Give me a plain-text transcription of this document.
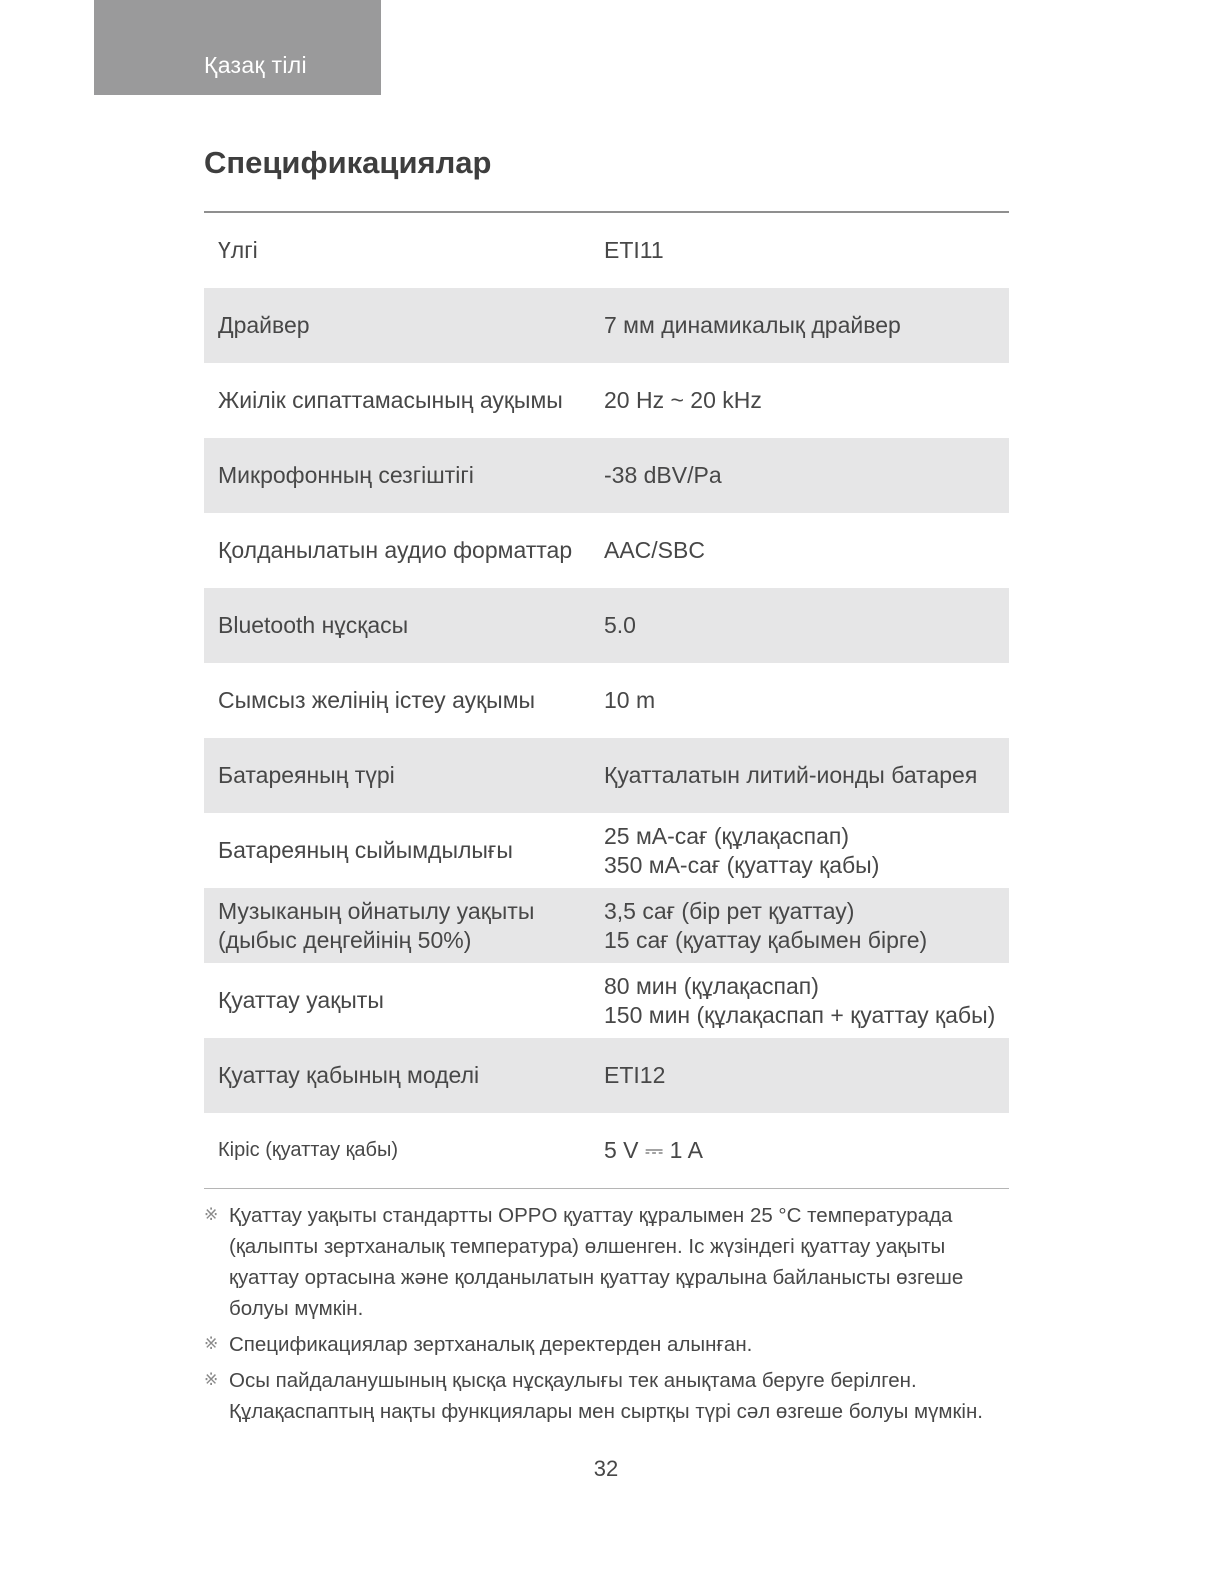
Қазақ тілі
Спецификациялар
Үлгі	ETI11

Драйвер	7 мм динамикалық драйвер

Жиілік сипаттамасының ауқымы	20 Hz ~ 20 kHz

Микрофонның сезгіштігі	-38 dBV/Pa

Қолданылатын аудио форматтар	AAC/SBC

Bluetooth нұсқасы	5.0

Сымсыз желінің істеу ауқымы	10 m

Батареяның түрі	Қуатталатын литий-ионды батарея

Батареяның сыйымдылығы	25 мА-сағ (құлақаспап)
350 мА-сағ (қуаттау қабы)

Музыканың ойнатылу уақыты (дыбыс деңгейінің 50%)	3,5 сағ (бір рет қуаттау)
15 сағ (қуаттау қабымен бірге)

Қуаттау уақыты	80 мин (құлақаспап)
150 мин (құлақаспап + қуаттау қабы)

Қуаттау қабының моделі	ETI12

Кіріс (қуаттау қабы)	5 V ⎓ 1 A
※ Қуаттау уақыты стандартты OPPO қуаттау құралымен 25 °C температурада (қалыпты зертханалық температура) өлшенген. Іс жүзіндегі қуаттау уақыты қуаттау ортасына және қолданылатын қуаттау құралына байланысты өзгеше болуы мүмкін.
※ Спецификациялар зертханалық деректерден алынған.
※ Осы пайдаланушының қысқа нұсқаулығы тек анықтама беруге берілген. Құлақаспаптың нақты функциялары мен сыртқы түрі сәл өзгеше болуы мүмкін.
32
